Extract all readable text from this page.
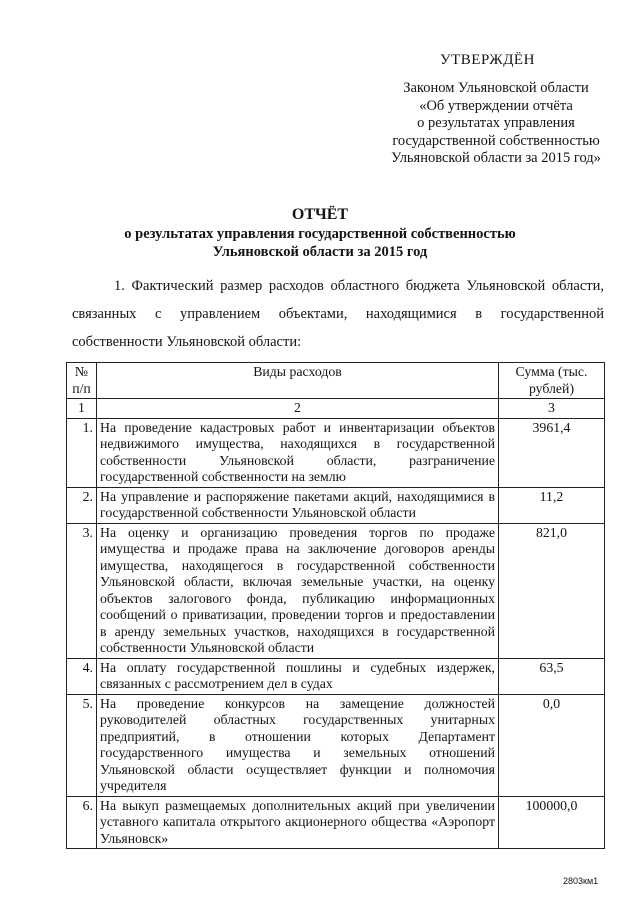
УТВЕРЖДЁН
Законом Ульяновской области
«Об утверждении отчёта
о результатах управления
государственной собственностью
Ульяновской области за 2015 год»
ОТЧЁТ
о результатах управления государственной собственностью
Ульяновской области за 2015 год

1. Фактический размер расходов областного бюджета Ульяновской области, связанных с управлением объектами, находящимися в государственной собственности Ульяновской области:

№ п/п	Виды расходов	Сумма (тыс. рублей)
1	2	3
1.	На проведение кадастровых работ и инвентаризации объектов недвижимого имущества, находящихся в государственной собственности Ульяновской области, разграничение государственной собственности на землю	3961,4
2.	На управление и распоряжение пакетами акций, находящимися в государственной собственности Ульяновской области	11,2
3.	На оценку и организацию проведения торгов по продаже имущества и продаже права на заключение договоров аренды имущества, находящегося в государственной собственности Ульяновской области, включая земельные участки, на оценку объектов залогового фонда, публикацию информационных сообщений о приватизации, проведении торгов и предоставлении в аренду земельных участков, находящихся в государственной собственности Ульяновской области	821,0
4.	На оплату государственной пошлины и судебных издержек, связанных с рассмотрением дел в судах	63,5
5.	На проведение конкурсов на замещение должностей руководителей областных государственных унитарных предприятий, в отношении которых Департамент государственного имущества и земельных отношений Ульяновской области осуществляет функции и полномочия учредителя	0,0
6.	На выкуп размещаемых дополнительных акций при увеличении уставного капитала открытого акционерного общества «Аэропорт Ульяновск»	100000,0
2803км1
